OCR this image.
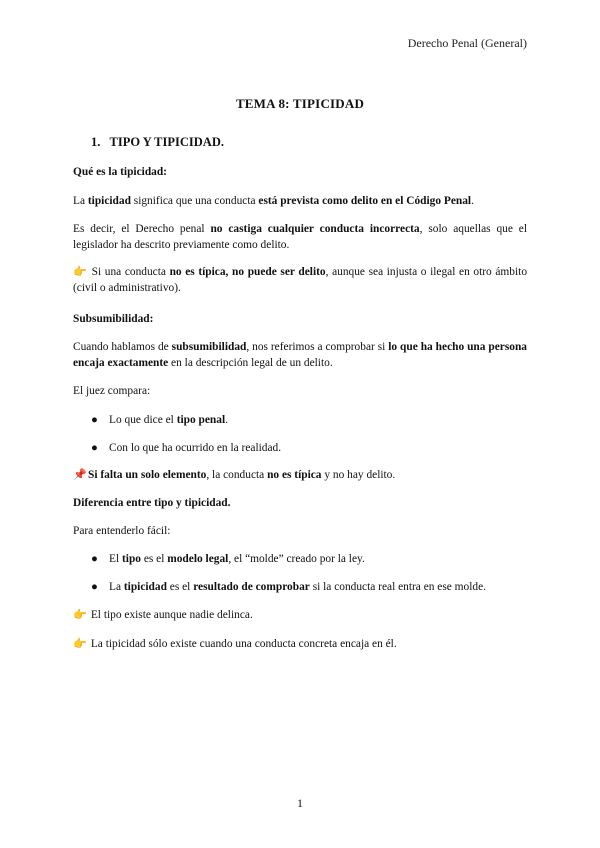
Derecho Penal (General)
TEMA 8: TIPICIDAD
1. TIPO Y TIPICIDAD.
Qué es la tipicidad:
La tipicidad significa que una conducta está prevista como delito en el Código Penal.
Es decir, el Derecho penal no castiga cualquier conducta incorrecta, solo aquellas que el legislador ha descrito previamente como delito.
👉 Si una conducta no es típica, no puede ser delito, aunque sea injusta o ilegal en otro ámbito (civil o administrativo).
Subsumibilidad:
Cuando hablamos de subsumibilidad, nos referimos a comprobar si lo que ha hecho una persona encaja exactamente en la descripción legal de un delito.
El juez compara:
● Lo que dice el tipo penal.
● Con lo que ha ocurrido en la realidad.
📌Si falta un solo elemento, la conducta no es típica y no hay delito.
Diferencia entre tipo y tipicidad.
Para entenderlo fácil:
● El tipo es el modelo legal, el “molde” creado por la ley.
● La tipicidad es el resultado de comprobar si la conducta real entra en ese molde.
👉 El tipo existe aunque nadie delinca.
👉 La tipicidad sólo existe cuando una conducta concreta encaja en él.
1
